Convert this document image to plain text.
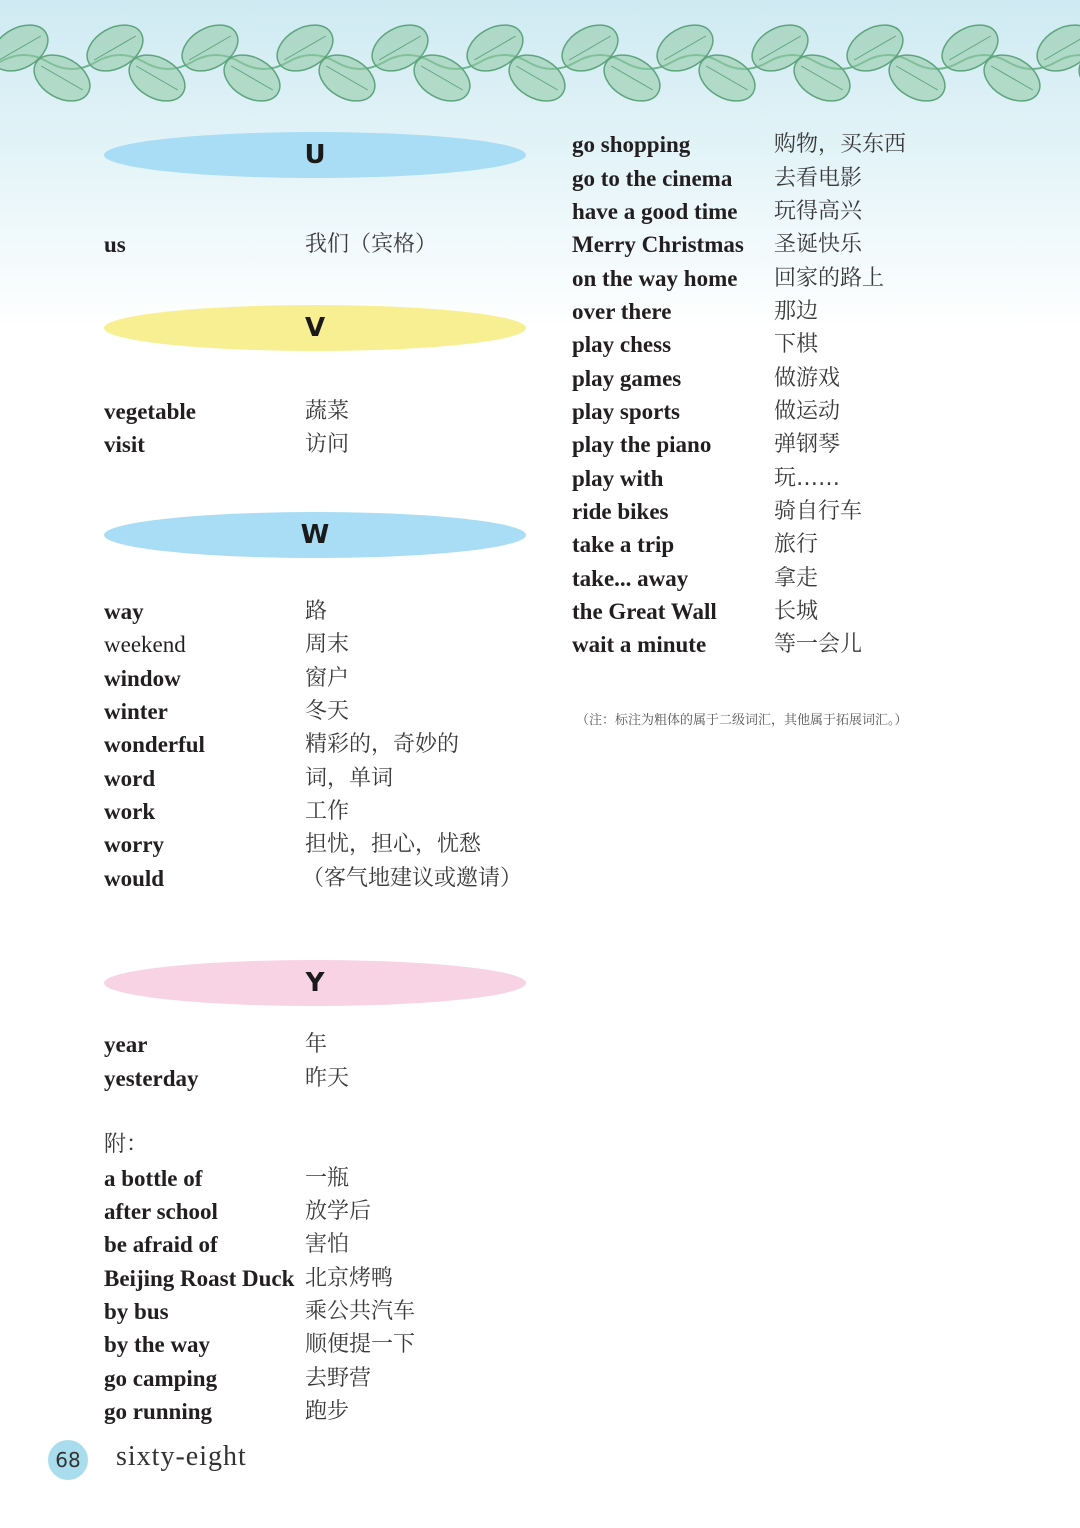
U
us	我们（宾格）
V
vegetable	蔬菜
visit	访问
W
way	路
weekend	周末
window	窗户
winter	冬天
wonderful	精彩的，奇妙的
word	词，单词
work	工作
worry	担忧，担心，忧愁
would	（客气地建议或邀请）
Y
year	年
yesterday	昨天
附：
a bottle of	一瓶
after school	放学后
be afraid of	害怕
Beijing Roast Duck 北京烤鸭
by bus	乘公共汽车
by the way	顺便提一下
go camping	去野营
go running	跑步
go shopping	购物，买东西
go to the cinema 去看电影
have a good time 玩得高兴
Merry Christmas 圣诞快乐
on the way home 回家的路上
over there	那边
play chess	下棋
play games	做游戏
play sports	做运动
play the piano	弹钢琴
play with	玩……
ride bikes	骑自行车
take a trip	旅行
take... away	拿走
the Great Wall	长城
wait a minute	等一会儿
（注：标注为粗体的属于二级词汇，其他属于拓展词汇。）
68 sixty-eight
